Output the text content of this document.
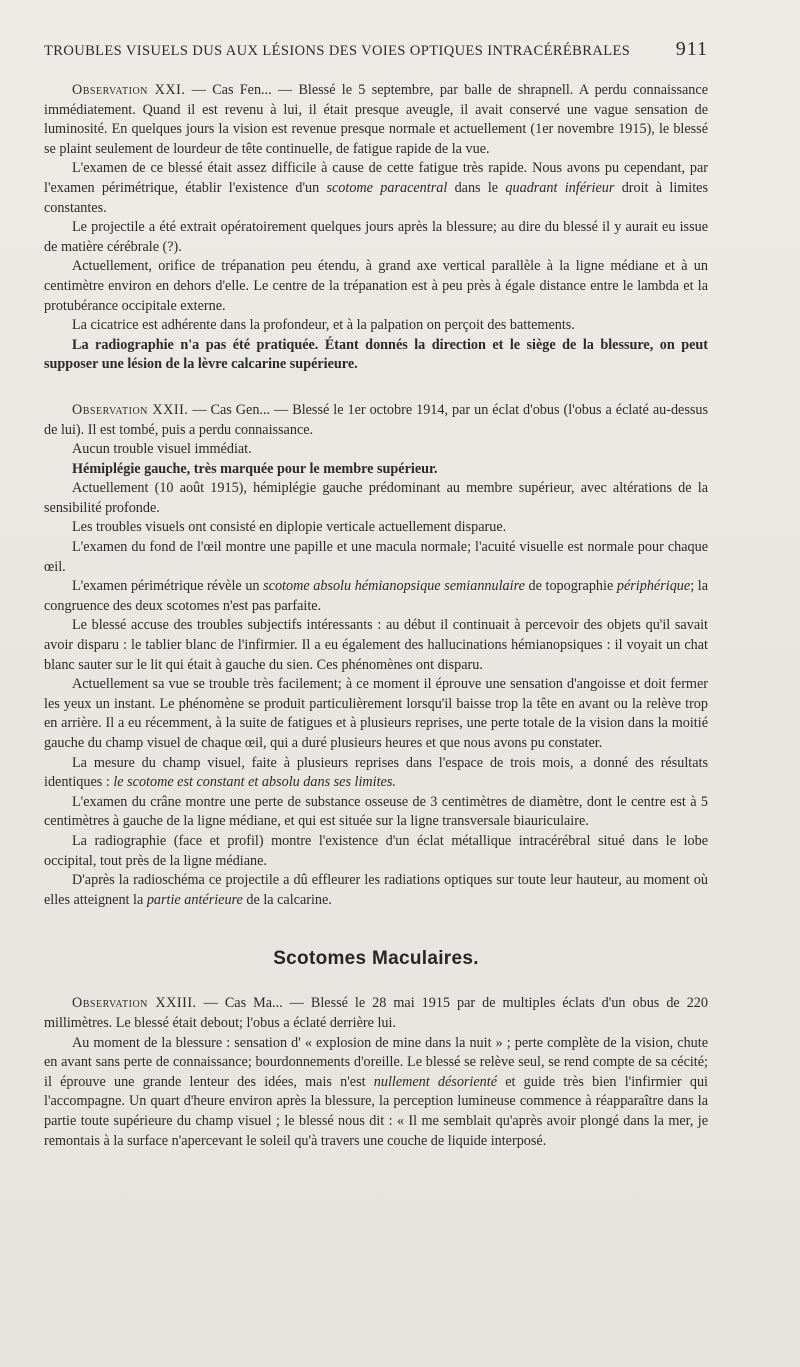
TROUBLES VISUELS DUS AUX LÉSIONS DES VOIES OPTIQUES INTRACÉRÉBRALES 911

Observation XXI. — Cas Fen... — Blessé le 5 septembre, par balle de shrapnell. A perdu connaissance immédiatement. Quand il est revenu à lui, il était presque aveugle, il avait conservé une vague sensation de luminosité. En quelques jours la vision est revenue presque normale et actuellement (1er novembre 1915), le blessé se plaint seulement de lourdeur de tête continuelle, de fatigue rapide de la vue.

L'examen de ce blessé était assez difficile à cause de cette fatigue très rapide. Nous avons pu cependant, par l'examen périmétrique, établir l'existence d'un scotome paracentral dans le quadrant inférieur droit à limites constantes.

Le projectile a été extrait opératoirement quelques jours après la blessure; au dire du blessé il y aurait eu issue de matière cérébrale (?).

Actuellement, orifice de trépanation peu étendu, à grand axe vertical parallèle à la ligne médiane et à un centimètre environ en dehors d'elle. Le centre de la trépanation est à peu près à égale distance entre le lambda et la protubérance occipitale externe.

La cicatrice est adhérente dans la profondeur, et à la palpation on perçoit des battements.

La radiographie n'a pas été pratiquée. Étant donnés la direction et le siège de la blessure, on peut supposer une lésion de la lèvre calcarine supérieure.

Observation XXII. — Cas Gen... — Blessé le 1er octobre 1914, par un éclat d'obus (l'obus a éclaté au-dessus de lui). Il est tombé, puis a perdu connaissance.

Aucun trouble visuel immédiat.

Hémiplégie gauche, très marquée pour le membre supérieur.

Actuellement (10 août 1915), hémiplégie gauche prédominant au membre supérieur, avec altérations de la sensibilité profonde.

Les troubles visuels ont consisté en diplopie verticale actuellement disparue.

L'examen du fond de l'œil montre une papille et une macula normale; l'acuité visuelle est normale pour chaque œil.

L'examen périmétrique révèle un scotome absolu hémianopsique semiannulaire de topographie périphérique; la congruence des deux scotomes n'est pas parfaite.

Le blessé accuse des troubles subjectifs intéressants : au début il continuait à percevoir des objets qu'il savait avoir disparu : le tablier blanc de l'infirmier. Il a eu également des hallucinations hémianopsiques : il voyait un chat blanc sauter sur le lit qui était à gauche du sien. Ces phénomènes ont disparu.

Actuellement sa vue se trouble très facilement; à ce moment il éprouve une sensation d'angoisse et doit fermer les yeux un instant. Le phénomène se produit particulièrement lorsqu'il baisse trop la tête en avant ou la relève trop en arrière. Il a eu récemment, à la suite de fatigues et à plusieurs reprises, une perte totale de la vision dans la moitié gauche du champ visuel de chaque œil, qui a duré plusieurs heures et que nous avons pu constater.

La mesure du champ visuel, faite à plusieurs reprises dans l'espace de trois mois, a donné des résultats identiques : le scotome est constant et absolu dans ses limites.

L'examen du crâne montre une perte de substance osseuse de 3 centimètres de diamètre, dont le centre est à 5 centimètres à gauche de la ligne médiane, et qui est située sur la ligne transversale biauriculaire.

La radiographie (face et profil) montre l'existence d'un éclat métallique intracérébral situé dans le lobe occipital, tout près de la ligne médiane.

D'après la radioschéma ce projectile a dû effleurer les radiations optiques sur toute leur hauteur, au moment où elles atteignent la partie antérieure de la calcarine.

Scotomes Maculaires.

Observation XXIII. — Cas Ma... — Blessé le 28 mai 1915 par de multiples éclats d'un obus de 220 millimètres. Le blessé était debout; l'obus a éclaté derrière lui.

Au moment de la blessure : sensation d' « explosion de mine dans la nuit » ; perte complète de la vision, chute en avant sans perte de connaissance; bourdonnements d'oreille. Le blessé se relève seul, se rend compte de sa cécité; il éprouve une grande lenteur des idées, mais n'est nullement désorienté et guide très bien l'infirmier qui l'accompagne. Un quart d'heure environ après la blessure, la perception lumineuse commence à réapparaître dans la partie toute supérieure du champ visuel ; le blessé nous dit : « Il me semblait qu'après avoir plongé dans la mer, je remontais à la surface n'apercevant le soleil qu'à travers une couche de liquide interposé.
